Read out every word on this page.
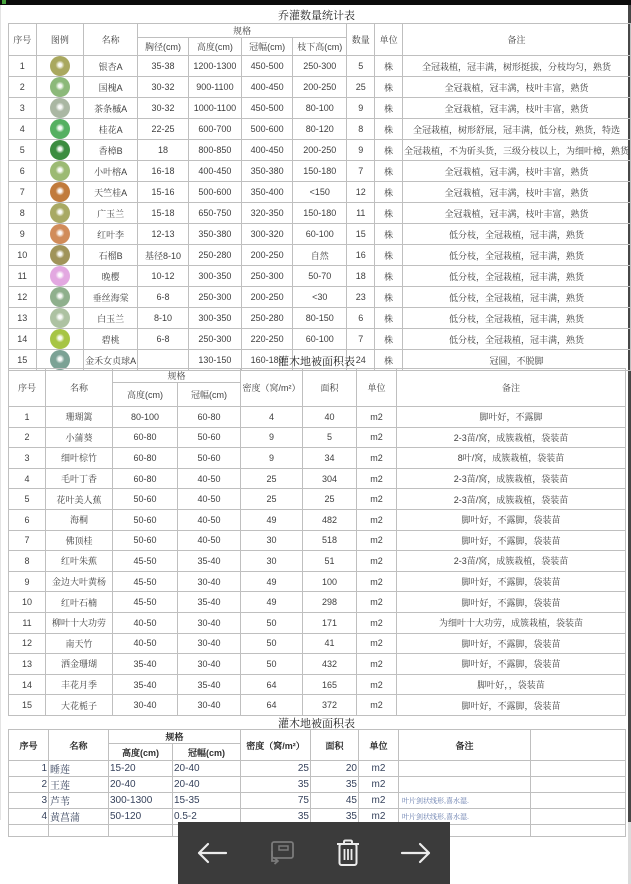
乔灌数量统计表
序号	图例	名称	规格				数量	单位	备注
			胸径(cm)	高度(cm)	冠幅(cm)	枝下高(cm)			
1		银杏A	35-38	1200-1300	450-500	250-300	5	株	全冠栽植，冠丰满，树形挺拔，分枝均匀，熟货
2		国槐A	30-32	900-1100	400-450	200-250	25	株	全冠栽植，冠丰满，枝叶丰富，熟货
3		茶条槭A	30-32	1000-1100	450-500	80-100	9	株	全冠栽植，冠丰满，枝叶丰富，熟货
4		桂花A	22-25	600-700	500-600	80-120	8	株	全冠栽植，树形舒展，冠丰满，低分枝，熟货，特选
5		香樟B	18	800-850	400-450	200-250	9	株	全冠栽植，不为斫头货，三级分枝以上，为细叶樟，熟货
6		小叶榕A	16-18	400-450	350-380	150-180	7	株	全冠栽植，冠丰满，枝叶丰富，熟货
7		天竺桂A	15-16	500-600	350-400	<150	12	株	全冠栽植，冠丰满，枝叶丰富，熟货
8		广玉兰	15-18	650-750	320-350	150-180	11	株	全冠栽植，冠丰满，枝叶丰富，熟货
9		红叶李	12-13	350-380	300-320	60-100	15	株	低分枝，全冠栽植，冠丰满，熟货
10		石榴B	基径8-10	250-280	200-250	自然	16	株	低分枝，全冠栽植，冠丰满，熟货
11		晚樱	10-12	300-350	250-300	50-70	18	株	低分枝，全冠栽植，冠丰满，熟货
12		垂丝海棠	6-8	250-300	200-250	<30	23	株	低分枝，全冠栽植，冠丰满，熟货
13		白玉兰	8-10	300-350	250-280	80-150	6	株	低分枝，全冠栽植，冠丰满，熟货
14		碧桃	6-8	250-300	220-250	60-100	7	株	低分枝，全冠栽植，冠丰满，熟货
15		金禾女贞球A		130-150	160-180		24	株	冠圆，不脱脚
灌木地被面积表
序号	名称	规格		密度（窝/m²）	面积	单位	备注
		高度(cm)	冠幅(cm)				
1	珊瑚篱	80-100	60-80	4	40	m2	脚叶好，不露脚
2	小蒲葵	60-80	50-60	9	5	m2	2-3苗/窝，成簇栽植，袋装苗
3	细叶棕竹	60-80	50-60	9	34	m2	8叶/窝，成簇栽植，袋装苗
4	毛叶丁香	60-80	40-50	25	304	m2	2-3苗/窝，成簇栽植，袋装苗
5	花叶美人蕉	50-60	40-50	25	25	m2	2-3苗/窝，成簇栽植，袋装苗
6	海桐	50-60	40-50	49	482	m2	脚叶好，不露脚，袋装苗
7	佛顶桂	50-60	40-50	30	518	m2	脚叶好，不露脚，袋装苗
8	红叶朱蕉	45-50	35-40	30	51	m2	2-3苗/窝，成簇栽植，袋装苗
9	金边大叶黄杨	45-50	30-40	49	100	m2	脚叶好，不露脚，袋装苗
10	红叶石楠	45-50	35-40	49	298	m2	脚叶好，不露脚，袋装苗
11	柳叶十大功劳	40-50	30-40	50	171	m2	为细叶十大功劳，成簇栽植，袋装苗
12	南天竹	40-50	30-40	50	41	m2	脚叶好，不露脚，袋装苗
13	洒金珊瑚	35-40	30-40	50	432	m2	脚叶好，不露脚，袋装苗
14	丰花月季	35-40	35-40	64	165	m2	脚叶好，，袋装苗
15	大花栀子	30-40	30-40	64	372	m2	脚叶好，不露脚，袋装苗
灌木地被面积表
序号	名称	规格		密度（窝/m²）	面积	单位	备注	
		高度(cm)	冠幅(cm)					
1	睡莲	15-20	20-40	25	20	m2		
2	王莲	20-40	20-40	35	35	m2		
3	芦苇	300-1300	15-35	75	45	m2	叶片剑状线形,喜水湿.	
4	黄菖蒲	50-120	0.5-2	35	35	m2	叶片剑状线形,喜水湿.	
